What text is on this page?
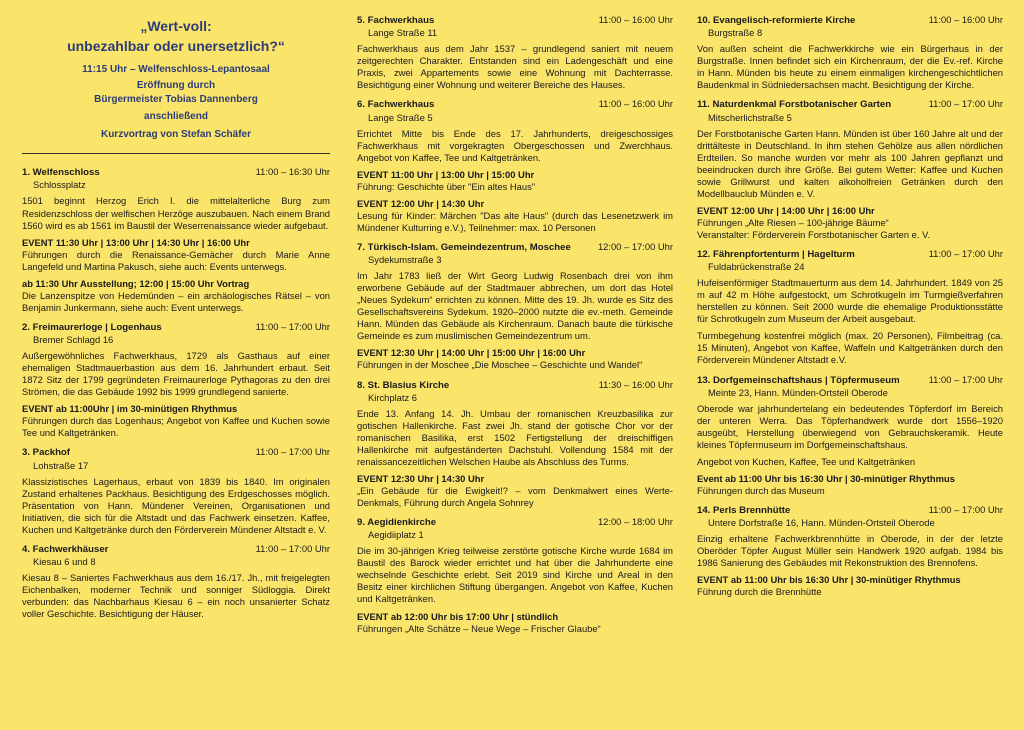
„Wert-voll:
unbezahlbar oder unersetzlich?“
11:15 Uhr – Welfenschloss-Lepantosaal
Eröffnung durch
Bürgermeister Tobias Dannenberg
anschließend
Kurzvortrag von Stefan Schäfer
1. Welfenschloss	11:00 – 16:30 Uhr
Schlossplatz
1501 beginnt Herzog Erich I. die mittelalterliche Burg zum Residenzschloss der welfischen Herzöge auszubauen. Nach einem Brand 1560 wird es ab 1561 im Baustil der Weserrenaissance wieder aufgebaut.
EVENT 11:30 Uhr | 13:00 Uhr | 14:30 Uhr | 16:00 Uhr
Führungen durch die Renaissance-Gemächer durch Marie Anne Langefeld und Martina Pakusch, siehe auch: Events unterwegs.
ab 11:30 Uhr Ausstellung; 12:00 | 15:00 Uhr Vortrag
Die Lanzenspitze von Hedemünden – ein archäologisches Rätsel – von Benjamin Junkermann, siehe auch: Event unterwegs.
2. Freimaurerloge | Logenhaus	11:00 – 17:00 Uhr
Bremer Schlagd 16
Außergewöhnliches Fachwerkhaus, 1729 als Gasthaus auf einer ehemaligen Stadtmauerbastion aus dem 16. Jahrhundert erbaut. Seit 1872 Sitz der 1799 gegründeten Freimaurerloge Pythagoras zu den drei Strömen, die das Gebäude 1992 bis 1999 grundlegend sanierte.
EVENT ab 11:00Uhr | im 30-minütigen Rhythmus
Führungen durch das Logenhaus; Angebot von Kaffee und Kuchen sowie Tee und Kaltgetränken.
3. Packhof	11:00 – 17:00 Uhr
Lohstraße 17
Klassizistisches Lagerhaus, erbaut von 1839 bis 1840. Im originalen Zustand erhaltenes Packhaus. Besichtigung des Erdgeschosses möglich. Präsentation von Hann. Mündener Vereinen, Organisationen und Initiativen, die sich für die Altstadt und das Fachwerk einsetzen. Kaffee, Kuchen und Kaltgetränke durch den Förderverein Mündener Altstadt e. V.
4. Fachwerkhäuser	11:00 – 17:00 Uhr
Kiesau 6 und 8
Kiesau 8 – Saniertes Fachwerkhaus aus dem 16./17. Jh., mit freigelegten Eichenbalken, moderner Technik und sonniger Südloggia. Direkt verbunden: das Nachbarhaus Kiesau 6 – ein noch unsanierter Schatz voller Geschichte. Besichtigung der Häuser.
5. Fachwerkhaus	11:00 – 16:00 Uhr
Lange Straße 11
Fachwerkhaus aus dem Jahr 1537 – grundlegend saniert mit neuem zeitgerechten Charakter. Entstanden sind ein Ladengeschäft und eine Praxis, zwei Appartements sowie eine Wohnung mit Dachterrasse. Besichtigung einer Wohnung und weiterer Bereiche des Hauses.
6. Fachwerkhaus	11:00 – 16:00 Uhr
Lange Straße 5
Errichtet Mitte bis Ende des 17. Jahrhunderts, dreigeschossiges Fachwerkhaus mit vorgekragten Obergeschossen und Zwerchhaus. Angebot von Kaffee, Tee und Kaltgetränken.
EVENT 11:00 Uhr | 13:00 Uhr | 15:00 Uhr
Führung: Geschichte über "Ein altes Haus"
EVENT 12:00 Uhr | 14:30 Uhr
Lesung für Kinder: Märchen "Das alte Haus" (durch das Lesenetzwerk im Mündener Kulturring e.V.), Teilnehmer: max. 10 Personen
7. Türkisch-Islam. Gemeindezentrum, Moschee	12:00 – 17:00 Uhr
Sydekumstraße 3
Im Jahr 1783 ließ der Wirt Georg Ludwig Rosenbach drei von ihm erworbene Gebäude auf der Stadtmauer abbrechen, um dort das Hotel „Neues Sydekum“ errichten zu können. Mitte des 19. Jh. wurde es Sitz des Gesellschaftsvereins Sydekum. 1920–2000 nutzte die ev.-meth. Gemeinde Hann. Münden das Gebäude als Kirchenraum. Danach baute die türkische Gemeinde es zum muslimischen Gemeindezentrum um.
EVENT 12:30 Uhr | 14:00 Uhr | 15:00 Uhr | 16:00 Uhr
Führungen in der Moschee „Die Moschee – Geschichte und Wandel“
8. St. Blasius Kirche	11:30 – 16:00 Uhr
Kirchplatz 6
Ende 13. Anfang 14. Jh. Umbau der romanischen Kreuzbasilika zur gotischen Hallenkirche. Fast zwei Jh. stand der gotische Chor vor der romanischen Basilika, erst 1502 Fertigstellung der dreischiffigen Hallenkirche mit aufgeständerten Dachstuhl. Vollendung 1584 mit der renaissancezeitlichen Welschen Haube als Abschluss des Turms.
EVENT 12:30 Uhr | 14:30 Uhr
„Ein Gebäude für die Ewigkeit!? – vom Denkmalwert eines Werte-Denkmals, Führung durch Angela Sohnrey
9. Aegidienkirche	12:00 – 18:00 Uhr
Aegidiiplatz 1
Die im 30-jährigen Krieg teilweise zerstörte gotische Kirche wurde 1684 im Baustil des Barock wieder errichtet und hat über die Jahrhunderte eine wechselnde Geschichte erlebt. Seit 2019 sind Kirche und Areal in den Besitz einer kirchlichen Stiftung übergangen. Angebot von Kaffee, Kuchen und Kaltgetränken.
EVENT ab 12:00 Uhr bis 17:00 Uhr | stündlich
Führungen „Alte Schätze – Neue Wege – Frischer Glaube“
10. Evangelisch-reformierte Kirche	11:00 – 16:00 Uhr
Burgstraße 8
Von außen scheint die Fachwerkkirche wie ein Bürgerhaus in der Burgstraße. Innen befindet sich ein Kirchenraum, der die Ev.-ref. Kirche in Hann. Münden bis heute zu einem einmaligen kirchengeschichtlichen Baudenkmal in Südniedersachsen macht. Besichtigung der Kirche.
11. Naturdenkmal Forstbotanischer Garten	11:00 – 17:00 Uhr
Mitscherlichstraße 5
Der Forstbotanische Garten Hann. Münden ist über 160 Jahre alt und der drittälteste in Deutschland. In ihm stehen Gehölze aus allen nördlichen Erdteilen. So manche wurden vor mehr als 100 Jahren gepflanzt und beeindrucken durch ihre Größe. Bei gutem Wetter: Kaffee und Kuchen sowie Grillwurst und kalten alkoholfreien Getränken durch den Modellbauclub Münden e. V.
EVENT 12:00 Uhr | 14:00 Uhr | 16:00 Uhr
Führungen „Alte Riesen – 100-jährige Bäume“
Veranstalter: Förderverein Forstbotanischer Garten e. V.
12. Fährenpfortenturm | Hagelturm	11:00 – 17:00 Uhr
Fuldabrückenstraße 24
Hufeisenförmiger Stadtmauerturm aus dem 14. Jahrhundert. 1849 von 25 m auf 42 m Höhe aufgestockt, um Schrotkugeln im Turmgießverfahren herstellen zu können. Seit 2000 wurde die ehemalige Produktionsstätte für Schrotkugeln zum Museum der Arbeit ausgebaut.
Turmbegehung kostenfrei möglich (max. 20 Personen), Filmbeitrag (ca. 15 Minuten), Angebot von Kaffee, Waffeln und Kaltgetränken durch den Förderverein Mündener Altstadt e.V.
13. Dorfgemeinschaftshaus | Töpfermuseum	11:00 – 17:00 Uhr
Meinte 23, Hann. Münden-Ortsteil Oberode
Oberode war jahrhundertelang ein bedeutendes Töpferdorf im Bereich der unteren Werra. Das Töpferhandwerk wurde dort 1556–1920 ausgeübt, Herstellung überwiegend von Gebrauchskeramik. Heute kleines Töpfermuseum im Dorfgemeinschaftshaus.
Angebot von Kuchen, Kaffee, Tee und Kaltgetränken
Event ab 11:00 Uhr bis 16:30 Uhr | 30-minütiger Rhythmus
Führungen durch das Museum
14. Perls Brennhütte	11:00 – 17:00 Uhr
Untere Dorfstraße 16, Hann. Münden-Ortsteil Oberode
Einzig erhaltene Fachwerkbrennhütte in Oberode, in der der letzte Oberöder Töpfer August Müller sein Handwerk 1920 aufgab. 1984 bis 1986 Sanierung des Gebäudes mit Rekonstruktion des Brennofens.
EVENT ab 11:00 Uhr bis 16:30 Uhr | 30-minütiger Rhythmus
Führung durch die Brennhütte
